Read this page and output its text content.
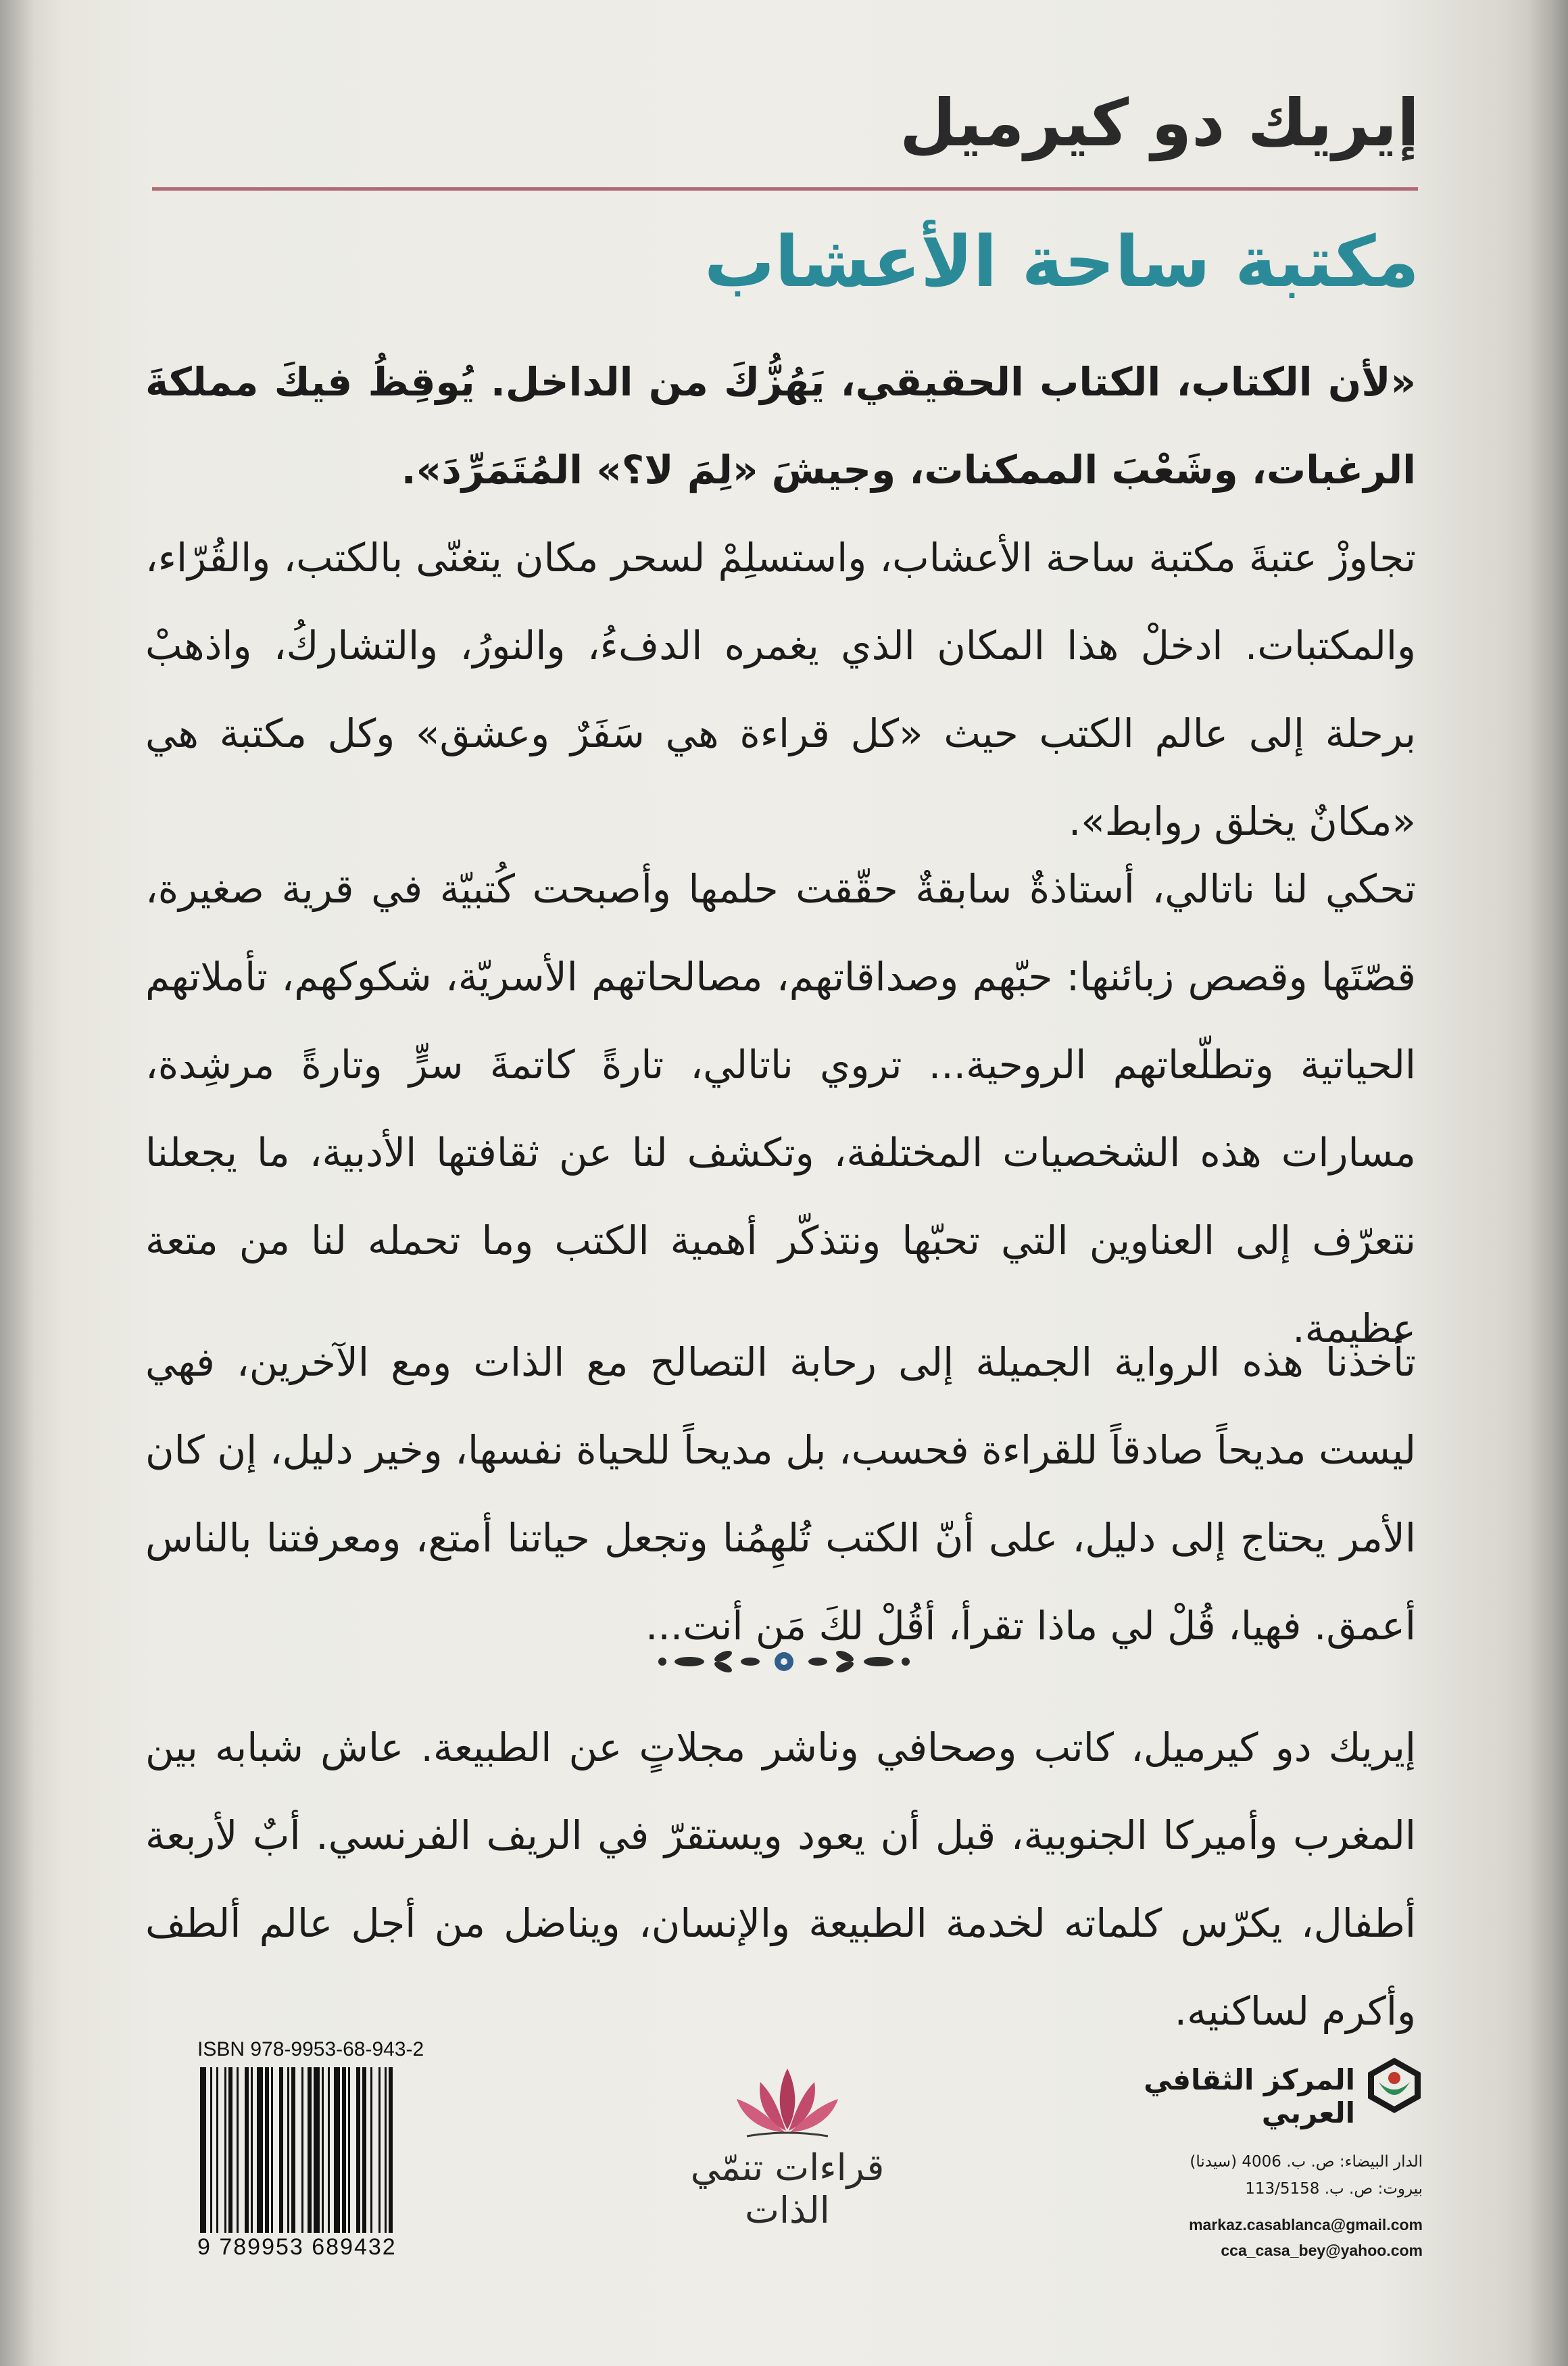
إيريك دو كيرميل
مكتبة ساحة الأعشاب
«لأن الكتاب، الكتاب الحقيقي، يَهُزُّكَ من الداخل. يُوقِظُ فيكَ مملكةَ الرغبات، وشَعْبَ الممكنات، وجيشَ «لِمَ لا؟» المُتَمَرِّدَ».
تجاوزْ عتبةَ مكتبة ساحة الأعشاب، واستسلِمْ لسحر مكان يتغنّى بالكتب، والقُرّاء، والمكتبات. ادخلْ هذا المكان الذي يغمره الدفءُ، والنورُ، والتشاركُ، واذهبْ برحلة إلى عالم الكتب حيث «كل قراءة هي سَفَرٌ وعشق» وكل مكتبة هي «مكانٌ يخلق روابط».
تحكي لنا ناتالي، أستاذةٌ سابقةٌ حقّقت حلمها وأصبحت كُتبيّة في قرية صغيرة، قصّتَها وقصص زبائنها: حبّهم وصداقاتهم، مصالحاتهم الأسريّة، شكوكهم، تأملاتهم الحياتية وتطلّعاتهم الروحية... تروي ناتالي، تارةً كاتمةَ سرٍّ وتارةً مرشِدة، مسارات هذه الشخصيات المختلفة، وتكشف لنا عن ثقافتها الأدبية، ما يجعلنا نتعرّف إلى العناوين التي تحبّها ونتذكّر أهمية الكتب وما تحمله لنا من متعة عظيمة.
تأخذنا هذه الرواية الجميلة إلى رحابة التصالح مع الذات ومع الآخرين، فهي ليست مديحاً صادقاً للقراءة فحسب، بل مديحاً للحياة نفسها، وخير دليل، إن كان الأمر يحتاج إلى دليل، على أنّ الكتب تُلهِمُنا وتجعل حياتنا أمتع، ومعرفتنا بالناس أعمق. فهيا، قُلْ لي ماذا تقرأ، أقُلْ لكَ مَن أنت...
إيريك دو كيرميل، كاتب وصحافي وناشر مجلاتٍ عن الطبيعة. عاش شبابه بين المغرب وأميركا الجنوبية، قبل أن يعود ويستقرّ في الريف الفرنسي. أبٌ لأربعة أطفال، يكرّس كلماته لخدمة الطبيعة والإنسان، ويناضل من أجل عالم ألطف وأكرم لساكنيه.
ISBN 978-9953-68-943-2
9 789953 689432
قراءات تنمّي الذات
المركز الثقافي العربي
الدار البيضاء: ص. ب. 4006 (سيدنا)
بيروت: ص. ب. 113/5158
markaz.casablanca@gmail.com
cca_casa_bey@yahoo.com
